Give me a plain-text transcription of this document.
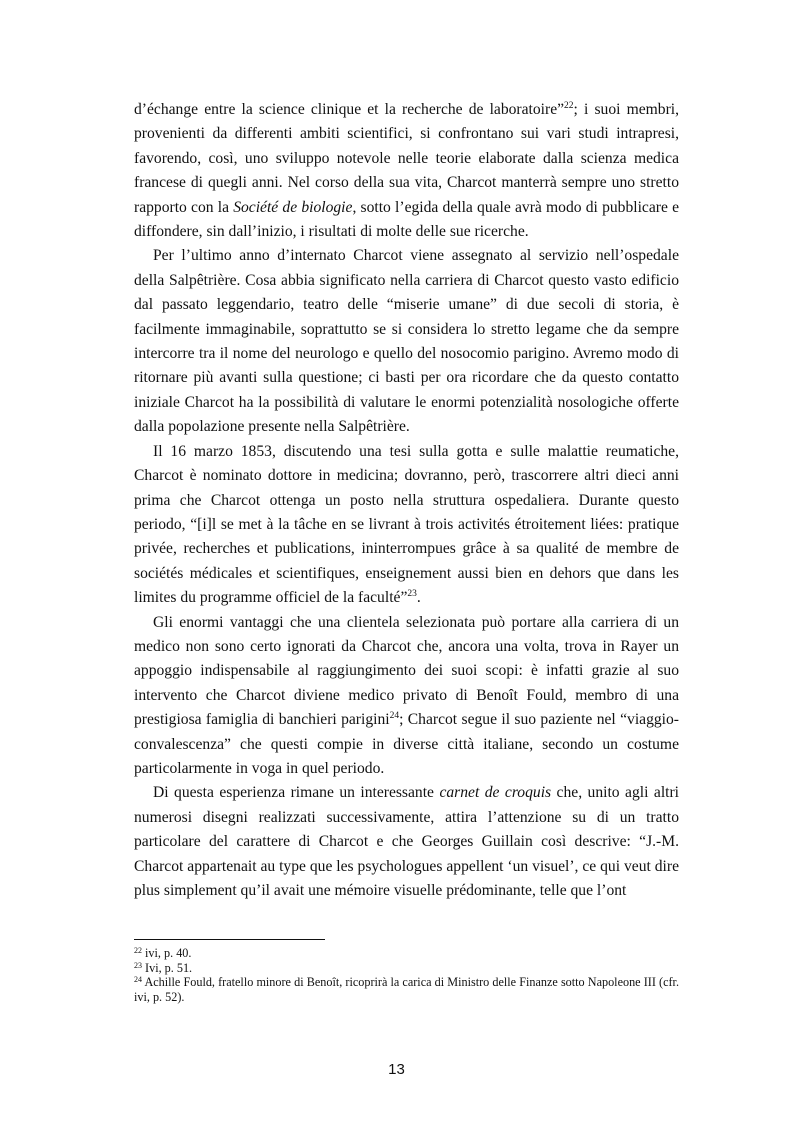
d’échange entre la science clinique et la recherche de laboratoire”$^{22}$; i suoi membri, provenienti da differenti ambiti scientifici, si confrontano sui vari studi intrapresi, favorendo, così, uno sviluppo notevole nelle teorie elaborate dalla scienza medica francese di quegli anni. Nel corso della sua vita, Charcot manterrà sempre uno stretto rapporto con la Société de biologie, sotto l’egida della quale avrà modo di pubblicare e diffondere, sin dall’inizio, i risultati di molte delle sue ricerche.

Per l’ultimo anno d’internato Charcot viene assegnato al servizio nell’ospedale della Salpêtrière. Cosa abbia significato nella carriera di Charcot questo vasto edificio dal passato leggendario, teatro delle “miserie umane” di due secoli di storia, è facilmente immaginabile, soprattutto se si considera lo stretto legame che da sempre intercorre tra il nome del neurologo e quello del nosocomio parigino. Avremo modo di ritornare più avanti sulla questione; ci basti per ora ricordare che da questo contatto iniziale Charcot ha la possibilità di valutare le enormi potenzialità nosologiche offerte dalla popolazione presente nella Salpêtrière.

Il 16 marzo 1853, discutendo una tesi sulla gotta e sulle malattie reumatiche, Charcot è nominato dottore in medicina; dovranno, però, trascorrere altri dieci anni prima che Charcot ottenga un posto nella struttura ospedaliera. Durante questo periodo, “[i]l se met à la tâche en se livrant à trois activités étroitement liées: pratique privée, recherches et publications, ininterrompues grâce à sa qualité de membre de sociétés médicales et scientifiques, enseignement aussi bien en dehors que dans les limites du programme officiel de la faculté”$^{23}$.

Gli enormi vantaggi che una clientela selezionata può portare alla carriera di un medico non sono certo ignorati da Charcot che, ancora una volta, trova in Rayer un appoggio indispensabile al raggiungimento dei suoi scopi: è infatti grazie al suo intervento che Charcot diviene medico privato di Benoît Fould, membro di una prestigiosa famiglia di banchieri parigini$^{24}$; Charcot segue il suo paziente nel “viaggio-convalescenza” che questi compie in diverse città italiane, secondo un costume particolarmente in voga in quel periodo.

Di questa esperienza rimane un interessante carnet de croquis che, unito agli altri numerosi disegni realizzati successivamente, attira l’attenzione su di un tratto particolare del carattere di Charcot e che Georges Guillain così descrive: “J.-M. Charcot appartenait au type que les psychologues appellent ‘un visuel’, ce qui veut dire plus simplement qu’il avait une mémoire visuelle prédominante, telle que l’ont

$^{22}$ ivi, p. 40.

$^{23}$ Ivi, p. 51.

$^{24}$ Achille Fould, fratello minore di Benoît, ricoprirà la carica di Ministro delle Finanze sotto Napoleone III (cfr. ivi, p. 52).

13
